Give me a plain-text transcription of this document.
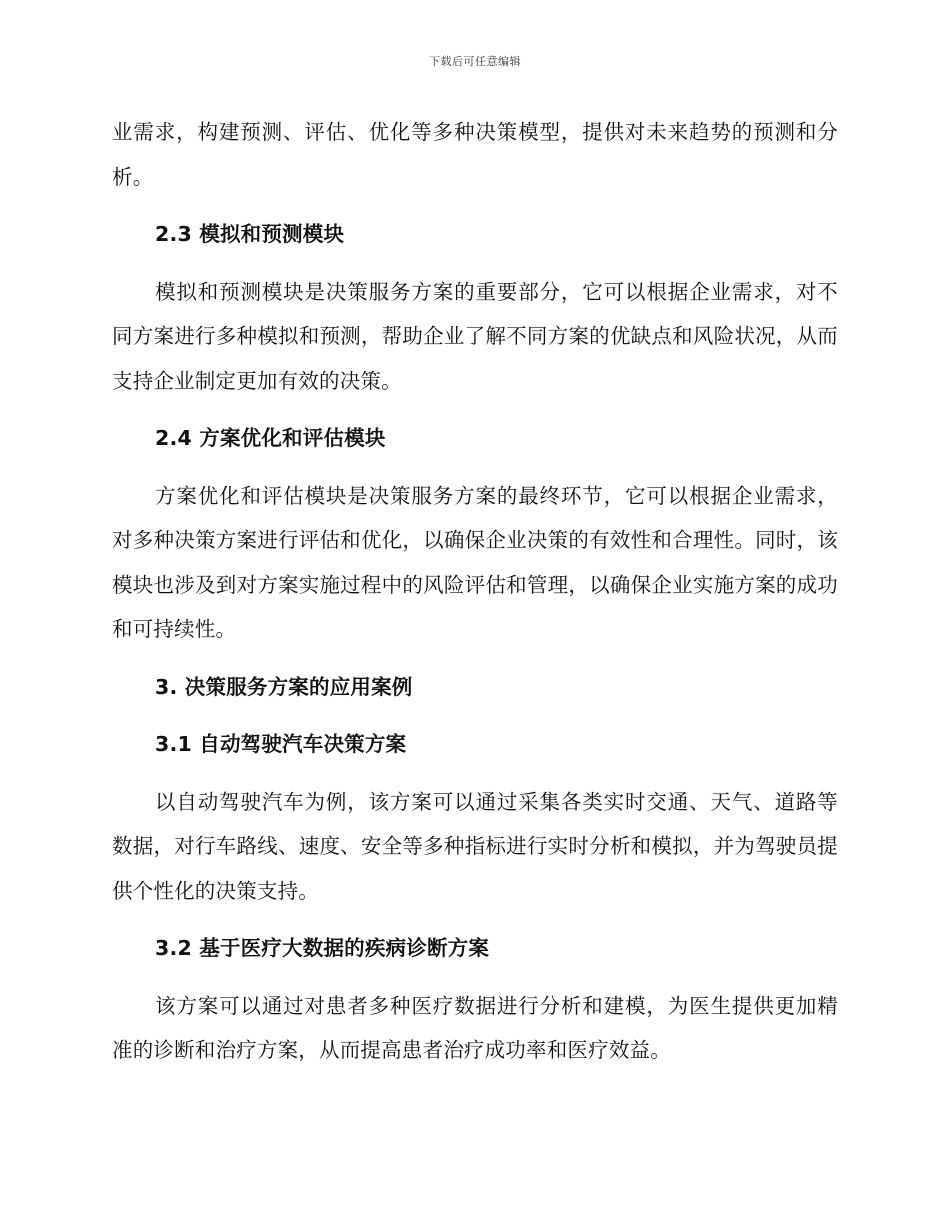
下载后可任意编辑

业需求，构建预测、评估、优化等多种决策模型，提供对未来趋势的预测和分析。

2.3 模拟和预测模块

模拟和预测模块是决策服务方案的重要部分，它可以根据企业需求，对不同方案进行多种模拟和预测，帮助企业了解不同方案的优缺点和风险状况，从而支持企业制定更加有效的决策。

2.4 方案优化和评估模块

方案优化和评估模块是决策服务方案的最终环节，它可以根据企业需求，对多种决策方案进行评估和优化，以确保企业决策的有效性和合理性。同时，该模块也涉及到对方案实施过程中的风险评估和管理，以确保企业实施方案的成功和可持续性。

3. 决策服务方案的应用案例
3.1 自动驾驶汽车决策方案

以自动驾驶汽车为例，该方案可以通过采集各类实时交通、天气、道路等数据，对行车路线、速度、安全等多种指标进行实时分析和模拟，并为驾驶员提供个性化的决策支持。

3.2 基于医疗大数据的疾病诊断方案

该方案可以通过对患者多种医疗数据进行分析和建模，为医生提供更加精准的诊断和治疗方案，从而提高患者治疗成功率和医疗效益。
